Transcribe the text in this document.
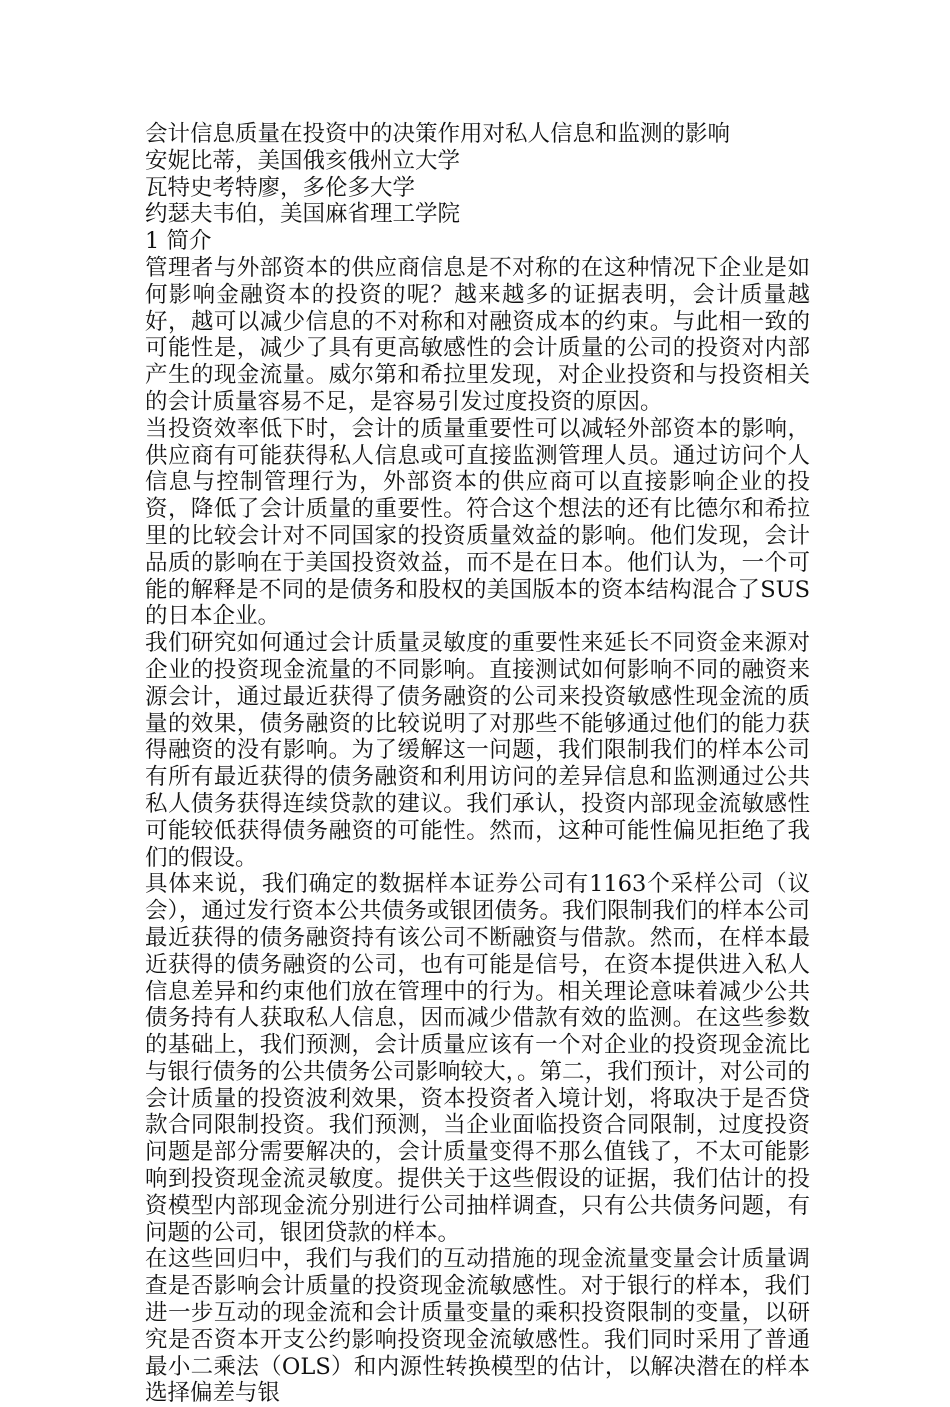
会计信息质量在投资中的决策作用对私人信息和监测的影响
安妮比蒂，美国俄亥俄州立大学
瓦特史考特廖，多伦多大学
约瑟夫韦伯，美国麻省理工学院
1 简介
管理者与外部资本的供应商信息是不对称的在这种情况下企业是如何影响金融资本的投资的呢？越来越多的证据表明，会计质量越好，越可以减少信息的不对称和对融资成本的约束。与此相一致的可能性是，减少了具有更高敏感性的会计质量的公司的投资对内部产生的现金流量。威尔第和希拉里发现，对企业投资和与投资相关的会计质量容易不足，是容易引发过度投资的原因。
当投资效率低下时，会计的质量重要性可以减轻外部资本的影响，供应商有可能获得私人信息或可直接监测管理人员。通过访问个人信息与控制管理行为，外部资本的供应商可以直接影响企业的投资，降低了会计质量的重要性。符合这个想法的还有比德尔和希拉里的比较会计对不同国家的投资质量效益的影响。他们发现，会计品质的影响在于美国投资效益，而不是在日本。他们认为，一个可能的解释是不同的是债务和股权的美国版本的资本结构混合了SUS的日本企业。
我们研究如何通过会计质量灵敏度的重要性来延长不同资金来源对企业的投资现金流量的不同影响。直接测试如何影响不同的融资来源会计，通过最近获得了债务融资的公司来投资敏感性现金流的质量的效果，债务融资的比较说明了对那些不能够通过他们的能力获得融资的没有影响。为了缓解这一问题，我们限制我们的样本公司有所有最近获得的债务融资和利用访问的差异信息和监测通过公共私人债务获得连续贷款的建议。我们承认，投资内部现金流敏感性可能较低获得债务融资的可能性。然而，这种可能性偏见拒绝了我们的假设。
具体来说，我们确定的数据样本证券公司有1163个采样公司（议会），通过发行资本公共债务或银团债务。我们限制我们的样本公司最近获得的债务融资持有该公司不断融资与借款。然而，在样本最近获得的债务融资的公司，也有可能是信号，在资本提供进入私人信息差异和约束他们放在管理中的行为。相关理论意味着减少公共债务持有人获取私人信息，因而减少借款有效的监测。在这些参数的基础上，我们预测，会计质量应该有一个对企业的投资现金流比与银行债务的公共债务公司影响较大，。第二，我们预计，对公司的会计质量的投资波利效果，资本投资者入境计划，将取决于是否贷款合同限制投资。我们预测，当企业面临投资合同限制，过度投资问题是部分需要解决的，会计质量变得不那么值钱了，不太可能影响到投资现金流灵敏度。提供关于这些假设的证据，我们估计的投资模型内部现金流分别进行公司抽样调查，只有公共债务问题，有问题的公司，银团贷款的样本。
在这些回归中，我们与我们的互动措施的现金流量变量会计质量调查是否影响会计质量的投资现金流敏感性。对于银行的样本，我们进一步互动的现金流和会计质量变量的乘积投资限制的变量，以研究是否资本开支公约影响投资现金流敏感性。我们同时采用了普通最小二乘法（OLS）和内源性转换模型的估计，以解决潜在的样本选择偏差与银
